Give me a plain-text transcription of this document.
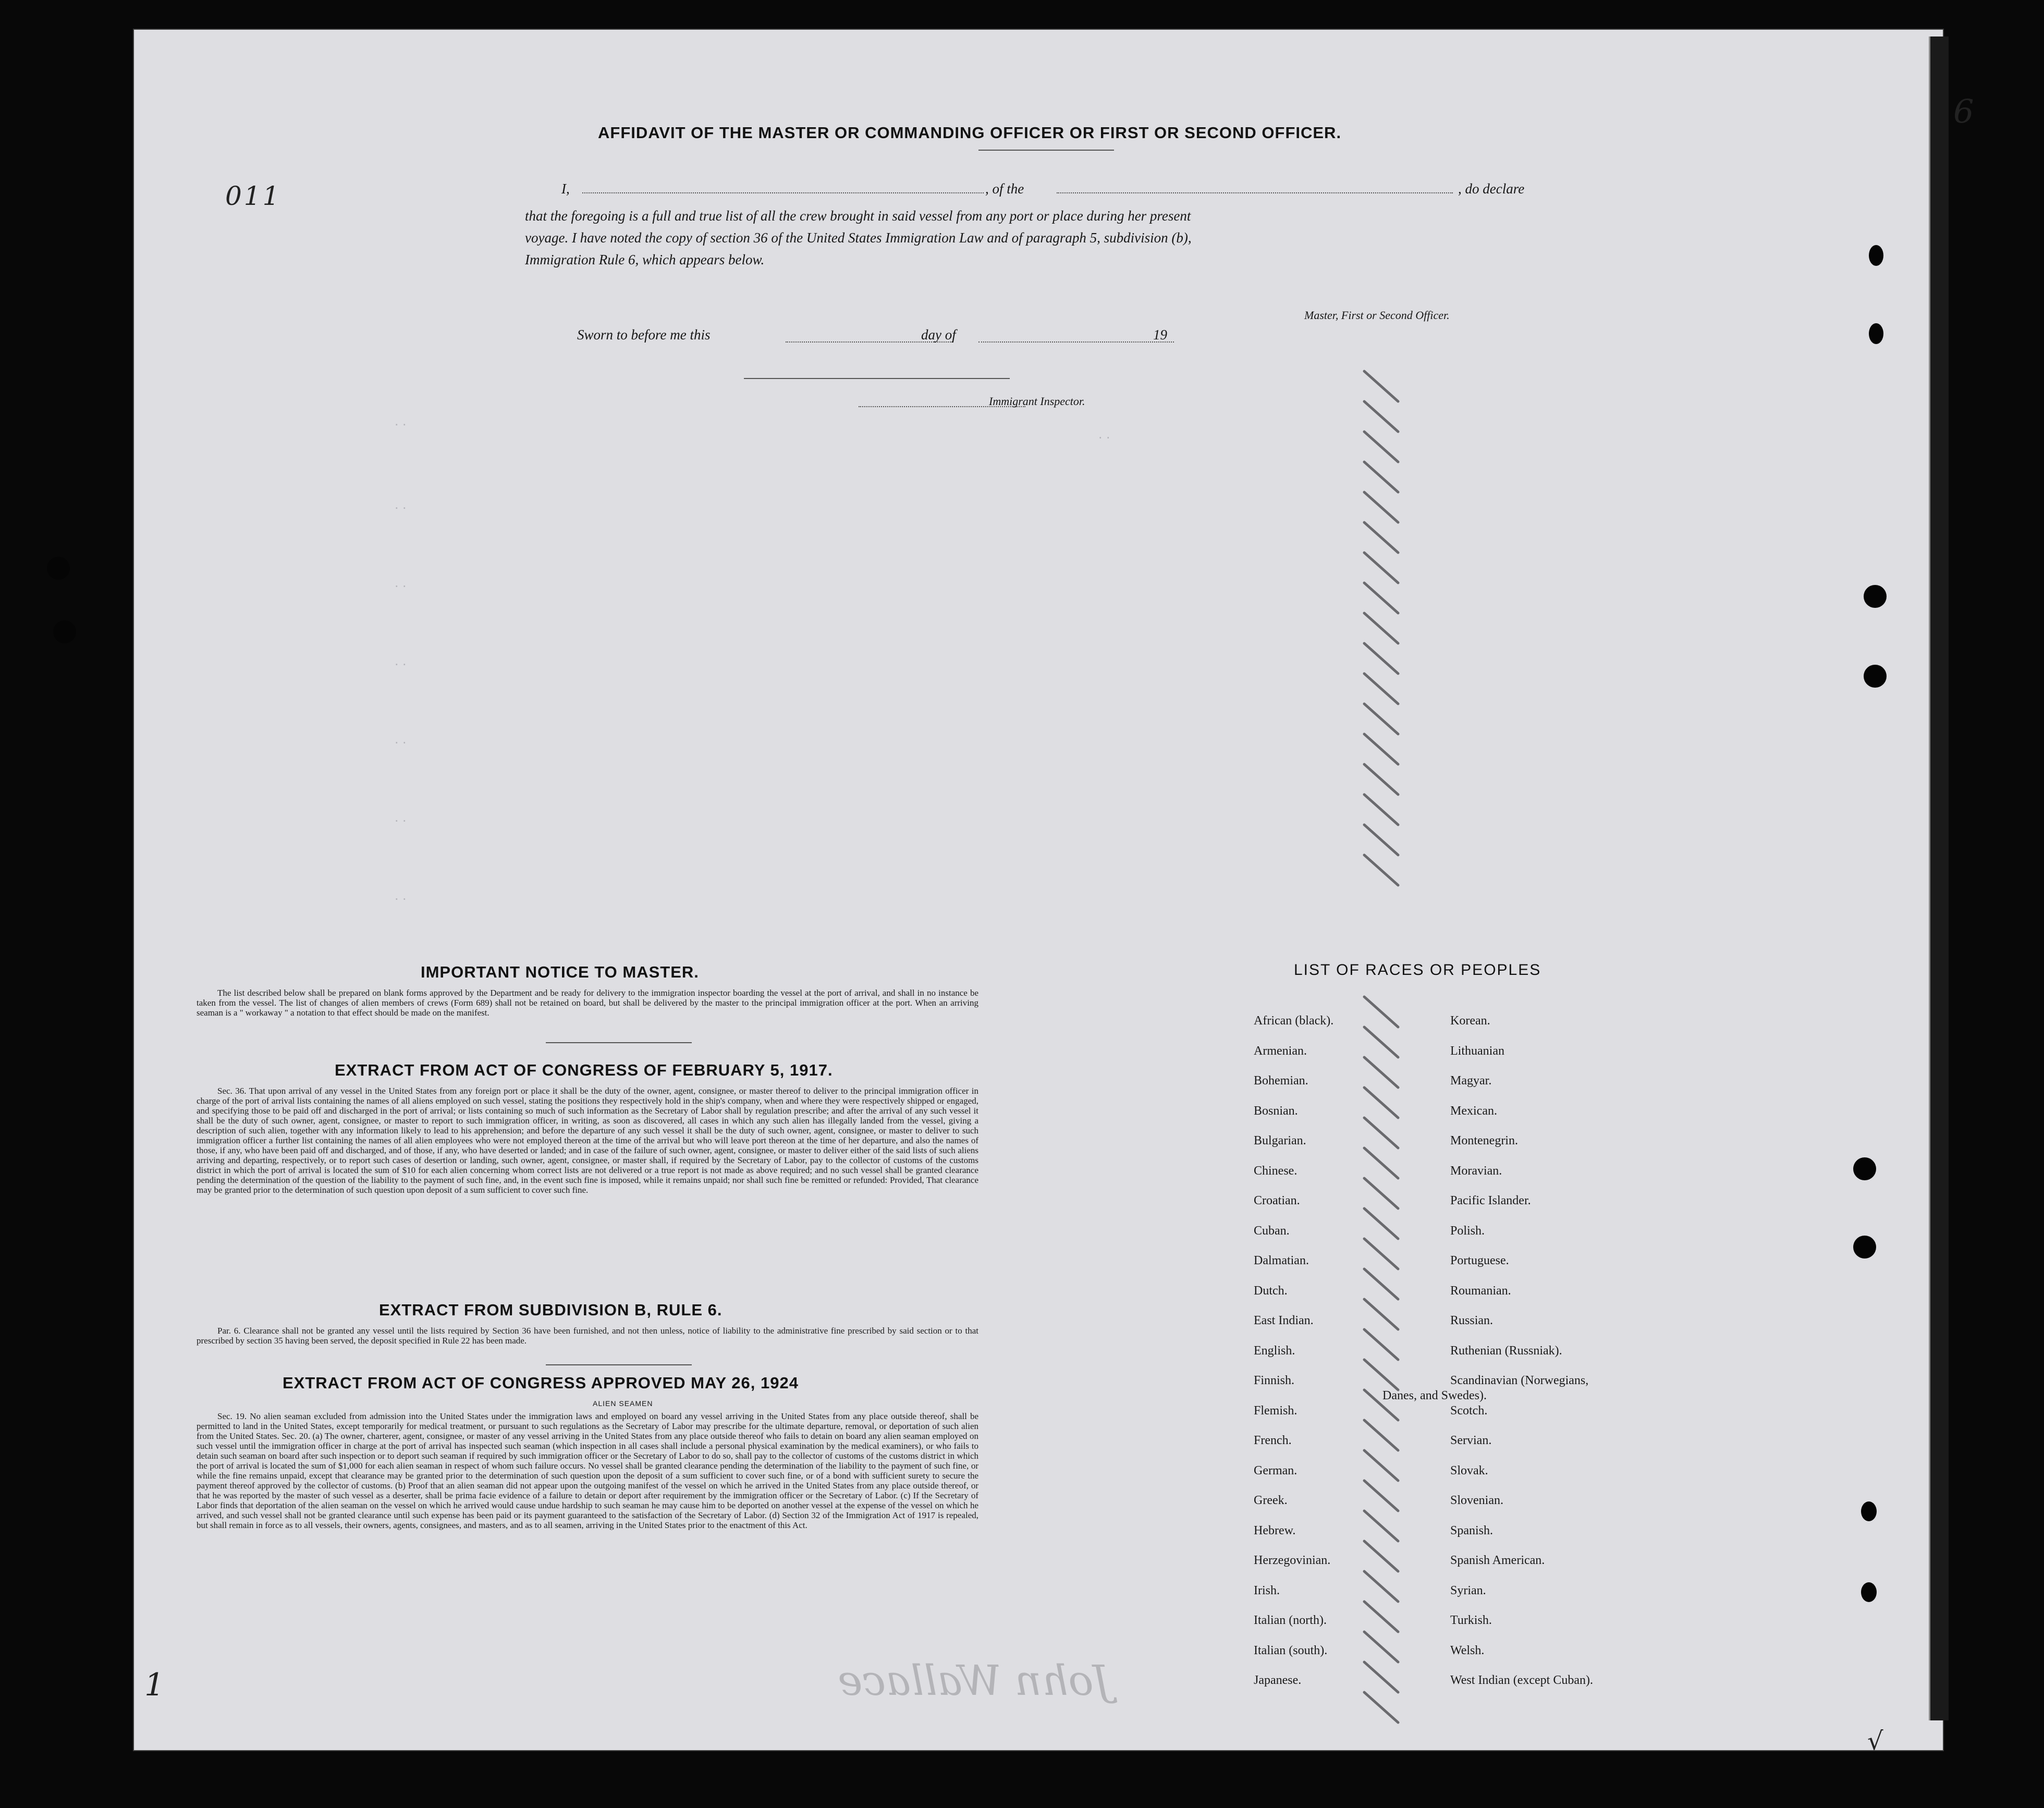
6
011
1
√
. .
. .
. .
. .
. .
. .
. .
. .
AFFIDAVIT OF THE MASTER OR COMMANDING OFFICER OR FIRST OR SECOND OFFICER.
I,	, of the	, do declare
that the foregoing is a full and true list of all the crew brought in said vessel from any port or place during her present
voyage. I have noted the copy of section 36 of the United States Immigration Law and of paragraph 5, subdivision (b),
Immigration Rule 6, which appears below.
Master, First or Second Officer.
Sworn to before me this	day of	19
Immigrant Inspector.
IMPORTANT NOTICE TO MASTER.
The list described below shall be prepared on blank forms approved by the Department and be ready for delivery to the immigration inspector boarding the vessel at the port of arrival, and shall in no instance be taken from the vessel. The list of changes of alien members of crews (Form 689) shall not be retained on board, but shall be delivered by the master to the principal immigration officer at the port. When an arriving seaman is a " workaway " a notation to that effect should be made on the manifest.
EXTRACT FROM ACT OF CONGRESS OF FEBRUARY 5, 1917.
Sec. 36. That upon arrival of any vessel in the United States from any foreign port or place it shall be the duty of the owner, agent, consignee, or master thereof to deliver to the principal immigration officer in charge of the port of arrival lists containing the names of all aliens employed on such vessel, stating the positions they respectively hold in the ship's company, when and where they were respectively shipped or engaged, and specifying those to be paid off and discharged in the port of arrival; or lists containing so much of such information as the Secretary of Labor shall by regulation prescribe; and after the arrival of any such vessel it shall be the duty of such owner, agent, consignee, or master to report to such immigration officer, in writing, as soon as discovered, all cases in which any such alien has illegally landed from the vessel, giving a description of such alien, together with any information likely to lead to his apprehension; and before the departure of any such vessel it shall be the duty of such owner, agent, consignee, or master to deliver to such immigration officer a further list containing the names of all alien employees who were not employed thereon at the time of the arrival but who will leave port thereon at the time of her departure, and also the names of those, if any, who have been paid off and discharged, and of those, if any, who have deserted or landed; and in case of the failure of such owner, agent, consignee, or master to deliver either of the said lists of such aliens arriving and departing, respectively, or to report such cases of desertion or landing, such owner, agent, consignee, or master shall, if required by the Secretary of Labor, pay to the collector of customs of the customs district in which the port of arrival is located the sum of $10 for each alien concerning whom correct lists are not delivered or a true report is not made as above required; and no such vessel shall be granted clearance pending the determination of the question of the liability to the payment of such fine, and, in the event such fine is imposed, while it remains unpaid; nor shall such fine be remitted or refunded: Provided, That clearance may be granted prior to the determination of such question upon deposit of a sum sufficient to cover such fine.
EXTRACT FROM SUBDIVISION B, RULE 6.
Par. 6. Clearance shall not be granted any vessel until the lists required by Section 36 have been furnished, and not then unless, notice of liability to the administrative fine prescribed by said section or to that prescribed by section 35 having been served, the deposit specified in Rule 22 has been made.
EXTRACT FROM ACT OF CONGRESS APPROVED MAY 26, 1924
ALIEN SEAMEN
Sec. 19. No alien seaman excluded from admission into the United States under the immigration laws and employed on board any vessel arriving in the United States from any place outside thereof, shall be permitted to land in the United States, except temporarily for medical treatment, or pursuant to such regulations as the Secretary of Labor may prescribe for the ultimate departure, removal, or deportation of such alien from the United States. Sec. 20. (a) The owner, charterer, agent, consignee, or master of any vessel arriving in the United States from any place outside thereof who fails to detain on board any alien seaman employed on such vessel until the immigration officer in charge at the port of arrival has inspected such seaman (which inspection in all cases shall include a personal physical examination by the medical examiners), or who fails to detain such seaman on board after such inspection or to deport such seaman if required by such immigration officer or the Secretary of Labor to do so, shall pay to the collector of customs of the customs district in which the port of arrival is located the sum of $1,000 for each alien seaman in respect of whom such failure occurs. No vessel shall be granted clearance pending the determination of the liability to the payment of such fine, or while the fine remains unpaid, except that clearance may be granted prior to the determination of such question upon the deposit of a sum sufficient to cover such fine, or of a bond with sufficient surety to secure the payment thereof approved by the collector of customs. (b) Proof that an alien seaman did not appear upon the outgoing manifest of the vessel on which he arrived in the United States from any place outside thereof, or that he was reported by the master of such vessel as a deserter, shall be prima facie evidence of a failure to detain or deport after requirement by the immigration officer or the Secretary of Labor. (c) If the Secretary of Labor finds that deportation of the alien seaman on the vessel on which he arrived would cause undue hardship to such seaman he may cause him to be deported on another vessel at the expense of the vessel on which he arrived, and such vessel shall not be granted clearance until such expense has been paid or its payment guaranteed to the satisfaction of the Secretary of Labor. (d) Section 32 of the Immigration Act of 1917 is repealed, but shall remain in force as to all vessels, their owners, agents, consignees, and masters, and as to all seamen, arriving in the United States prior to the enactment of this Act.
John Wallace
LIST OF RACES OR PEOPLES
African (black).
Armenian.
Bohemian.
Bosnian.
Bulgarian.
Chinese.
Croatian.
Cuban.
Dalmatian.
Dutch.
East Indian.
English.
Finnish.
Flemish.
French.
German.
Greek.
Hebrew.
Herzegovinian.
Irish.
Italian (north).
Italian (south).
Japanese.
Korean.
Lithuanian
Magyar.
Mexican.
Montenegrin.
Moravian.
Pacific Islander.
Polish.
Portuguese.
Roumanian.
Russian.
Ruthenian (Russniak).
Scandinavian (Norwegians,
Danes, and Swedes).
Scotch.
Servian.
Slovak.
Slovenian.
Spanish.
Spanish American.
Syrian.
Turkish.
Welsh.
West Indian (except Cuban).
